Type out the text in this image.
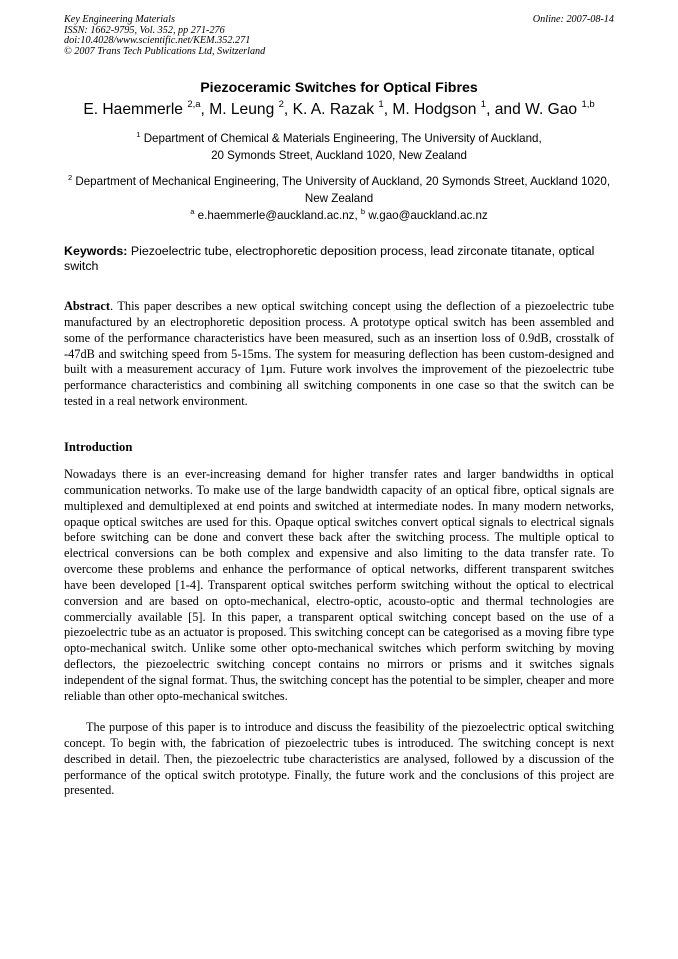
Key Engineering Materials
ISSN: 1662-9795, Vol. 352, pp 271-276
doi:10.4028/www.scientific.net/KEM.352.271
© 2007 Trans Tech Publications Ltd, Switzerland
Online: 2007-08-14
Piezoceramic Switches for Optical Fibres
E. Haemmerle $^{2,a}$, M. Leung $^2$, K. A. Razak $^1$, M. Hodgson $^1$, and W. Gao $^{1,b}$
$^1$ Department of Chemical & Materials Engineering, The University of Auckland,
20 Symonds Street, Auckland 1020, New Zealand
$^2$ Department of Mechanical Engineering, The University of Auckland, 20 Symonds Street, Auckland 1020, New Zealand
$^a$ e.haemmerle@auckland.ac.nz, $^b$ w.gao@auckland.ac.nz
Keywords: Piezoelectric tube, electrophoretic deposition process, lead zirconate titanate, optical switch

Abstract. This paper describes a new optical switching concept using the deflection of a piezoelectric tube manufactured by an electrophoretic deposition process. A prototype optical switch has been assembled and some of the performance characteristics have been measured, such as an insertion loss of 0.9dB, crosstalk of -47dB and switching speed from 5-15ms. The system for measuring deflection has been custom-designed and built with a measurement accuracy of 1µm. Future work involves the improvement of the piezoelectric tube performance characteristics and combining all switching components in one case so that the switch can be tested in a real network environment.

Introduction

Nowadays there is an ever-increasing demand for higher transfer rates and larger bandwidths in optical communication networks. To make use of the large bandwidth capacity of an optical fibre, optical signals are multiplexed and demultiplexed at end points and switched at intermediate nodes. In many modern networks, opaque optical switches are used for this. Opaque optical switches convert optical signals to electrical signals before switching can be done and convert these back after the switching process. The multiple optical to electrical conversions can be both complex and expensive and also limiting to the data transfer rate. To overcome these problems and enhance the performance of optical networks, different transparent switches have been developed [1-4]. Transparent optical switches perform switching without the optical to electrical conversion and are based on opto-mechanical, electro-optic, acousto-optic and thermal technologies are commercially available [5]. In this paper, a transparent optical switching concept based on the use of a piezoelectric tube as an actuator is proposed. This switching concept can be categorised as a moving fibre type opto-mechanical switch. Unlike some other opto-mechanical switches which perform switching by moving deflectors, the piezoelectric switching concept contains no mirrors or prisms and it switches signals independent of the signal format. Thus, the switching concept has the potential to be simpler, cheaper and more reliable than other opto-mechanical switches.

The purpose of this paper is to introduce and discuss the feasibility of the piezoelectric optical switching concept. To begin with, the fabrication of piezoelectric tubes is introduced. The switching concept is next described in detail. Then, the piezoelectric tube characteristics are analysed, followed by a discussion of the performance of the optical switch prototype. Finally, the future work and the conclusions of this project are presented.
